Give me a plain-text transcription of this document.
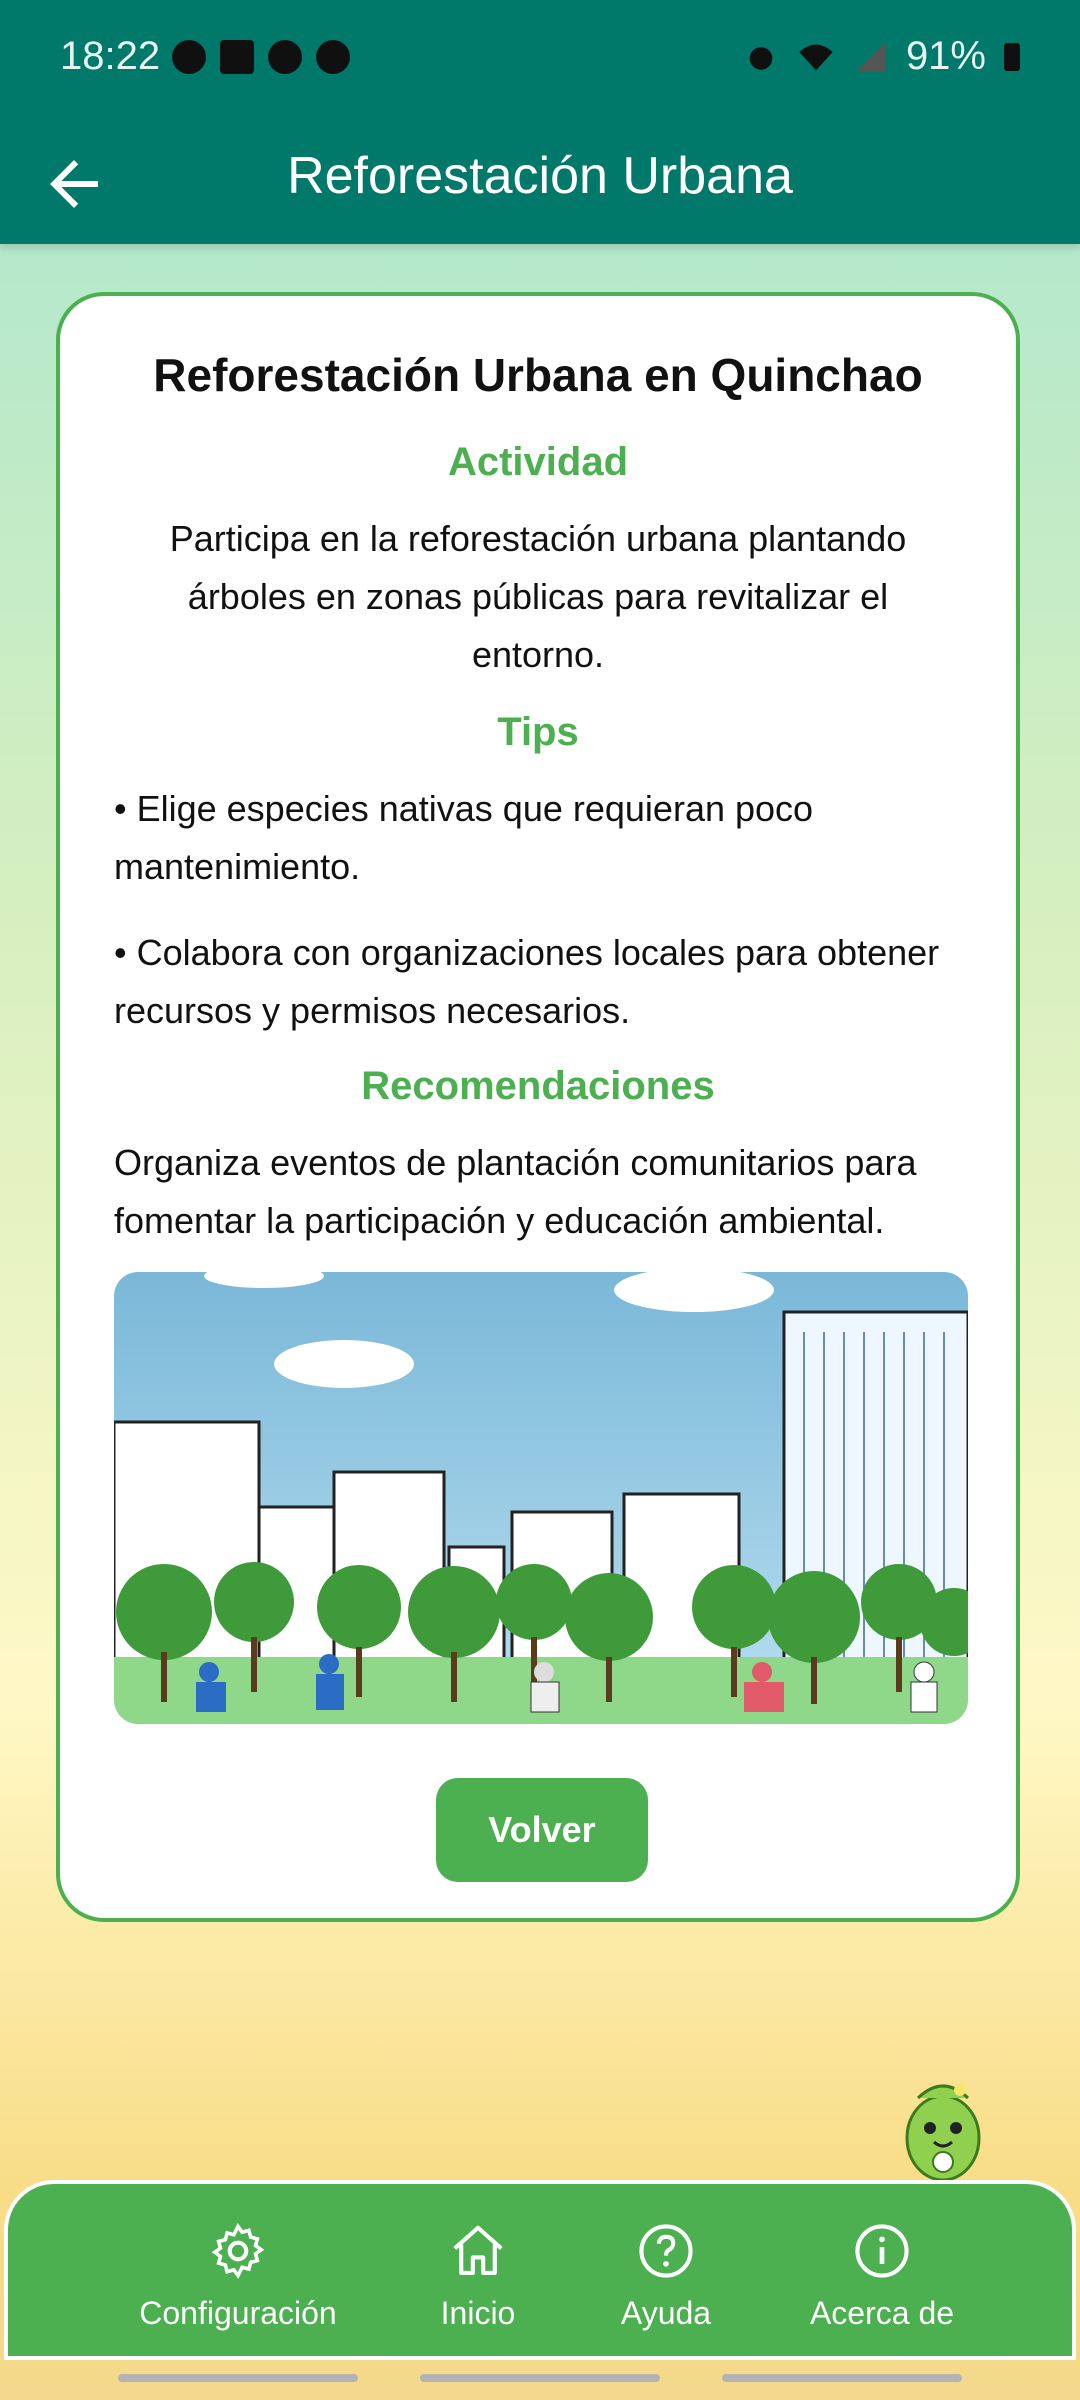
18:22	91%
Reforestación Urbana
Reforestación Urbana en Quinchao
Actividad
Participa en la reforestación urbana plantando árboles en zonas públicas para revitalizar el entorno.
Tips
• Elige especies nativas que requieran poco mantenimiento.
• Colabora con organizaciones locales para obtener recursos y permisos necesarios.
Recomendaciones
Organiza eventos de plantación comunitarios para fomentar la participación y educación ambiental.
Volver
Configuración	Inicio	Ayuda	Acerca de
